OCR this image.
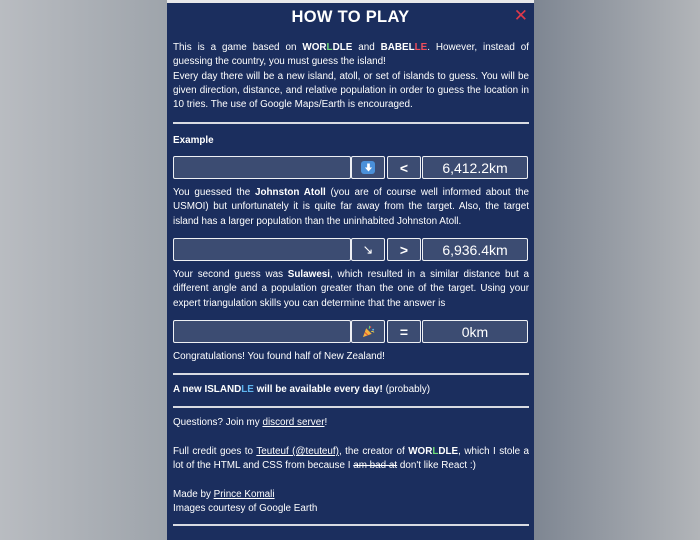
HOW TO PLAY	✕
This is a game based on WORLDLE and BABELLE. However, instead of guessing the country, you must guess the island!
Every day there will be a new island, atoll, or set of islands to guess. You will be given direction, distance, and relative population in order to guess the location in 10 tries. The use of Google Maps/Earth is encouraged.
Example
<	6,412.2km
You guessed the Johnston Atoll (you are of course well informed about the USMOI) but unfortunately it is quite far away from the target. Also, the target island has a larger population than the uninhabited Johnston Atoll.
↘	>	6,936.4km
Your second guess was Sulawesi, which resulted in a similar distance but a different angle and a population greater than the one of the target. Using your expert triangulation skills you can determine that the answer is
=	0km
Congratulations! You found half of New Zealand!
A new ISLANDLE will be available every day! (probably)
Questions? Join my discord server!
Full credit goes to Teuteuf (@teuteuf), the creator of WORLDLE, which I stole a lot of the HTML and CSS from because I am bad at don't like React :)
Made by Prince Komali
Images courtesy of Google Earth
